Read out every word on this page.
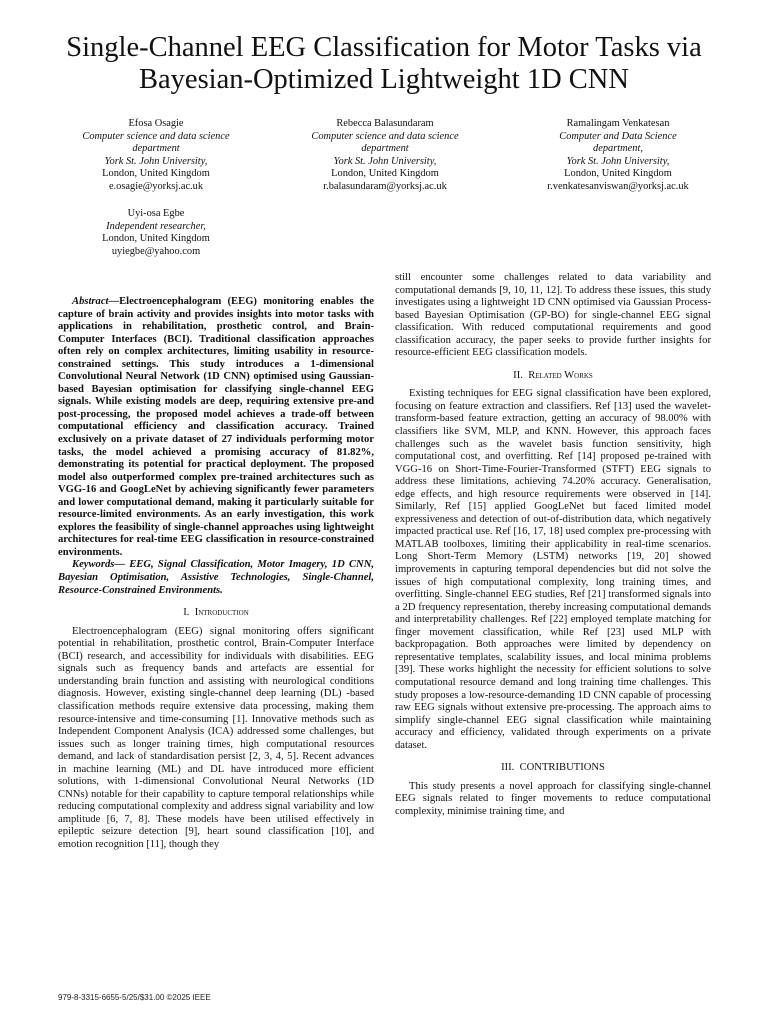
Single-Channel EEG Classification for Motor Tasks via Bayesian-Optimized Lightweight 1D CNN
Efosa Osagie
Computer science and data science
department
York St. John University,
London, United Kingdom
e.osagie@yorksj.ac.uk
Rebecca Balasundaram
Computer science and data science
department
York St. John University,
London, United Kingdom
r.balasundaram@yorksj.ac.uk
Ramalingam Venkatesan
Computer and Data Science
department,
York St. John University,
London, United Kingdom
r.venkatesanviswan@yorksj.ac.uk
Uyi-osa Egbe
Independent researcher,
London, United Kingdom
uyiegbe@yahoo.com

Abstract—Electroencephalogram (EEG) monitoring enables the capture of brain activity and provides insights into motor tasks with applications in rehabilitation, prosthetic control, and Brain-Computer Interfaces (BCI). Traditional classification approaches often rely on complex architectures, limiting usability in resource-constrained settings. This study introduces a 1-dimensional Convolutional Neural Network (1D CNN) optimised using Gaussian-based Bayesian optimisation for classifying single-channel EEG signals. While existing models are deep, requiring extensive pre-and post-processing, the proposed model achieves a trade-off between computational efficiency and classification accuracy. Trained exclusively on a private dataset of 27 individuals performing motor tasks, the model achieved a promising accuracy of 81.82%, demonstrating its potential for practical deployment. The proposed model also outperformed complex pre-trained architectures such as VGG-16 and GoogLeNet by achieving significantly fewer parameters and lower computational demand, making it particularly suitable for resource-limited environments. As an early investigation, this work explores the feasibility of single-channel approaches using lightweight architectures for real-time EEG classification in resource-constrained environments.

Keywords— EEG, Signal Classification, Motor Imagery, 1D CNN, Bayesian Optimisation, Assistive Technologies, Single-Channel, Resource-Constrained Environments.

I. Introduction

Electroencephalogram (EEG) signal monitoring offers significant potential in rehabilitation, prosthetic control, Brain-Computer Interface (BCI) research, and accessibility for individuals with disabilities. EEG signals such as frequency bands and artefacts are essential for understanding brain function and assisting with neurological conditions diagnosis. However, existing single-channel deep learning (DL) -based classification methods require extensive data processing, making them resource-intensive and time-consuming [1]. Innovative methods such as Independent Component Analysis (ICA) addressed some challenges, but issues such as longer training times, high computational resources demand, and lack of standardisation persist [2, 3, 4, 5]. Recent advances in machine learning (ML) and DL have introduced more efficient solutions, with 1-dimensional Convolutional Neural Networks (1D CNNs) notable for their capability to capture temporal relationships while reducing computational complexity and address signal variability and low amplitude [6, 7, 8]. These models have been utilised effectively in epileptic seizure detection [9], heart sound classification [10], and emotion recognition [11], though they

still encounter some challenges related to data variability and computational demands [9, 10, 11, 12]. To address these issues, this study investigates using a lightweight 1D CNN optimised via Gaussian Process-based Bayesian Optimisation (GP-BO) for single-channel EEG signal classification. With reduced computational requirements and good classification accuracy, the paper seeks to provide further insights for resource-efficient EEG classification models.

II. Related Works

Existing techniques for EEG signal classification have been explored, focusing on feature extraction and classifiers. Ref [13] used the wavelet-transform-based feature extraction, getting an accuracy of 98.00% with classifiers like SVM, MLP, and KNN. However, this approach faces challenges such as the wavelet basis function sensitivity, high computational cost, and overfitting. Ref [14] proposed pe-trained with VGG-16 on Short-Time-Fourier-Transformed (STFT) EEG signals to address these limitations, achieving 74.20% accuracy. Generalisation, edge effects, and high resource requirements were observed in [14]. Similarly, Ref [15] applied GoogLeNet but faced limited model expressiveness and detection of out-of-distribution data, which negatively impacted practical use. Ref [16, 17, 18] used complex pre-processing with MATLAB toolboxes, limiting their applicability in real-time scenarios. Long Short-Term Memory (LSTM) networks [19, 20] showed improvements in capturing temporal dependencies but did not solve the issues of high computational complexity, long training times, and overfitting. Single-channel EEG studies, Ref [21] transformed signals into a 2D frequency representation, thereby increasing computational demands and interpretability challenges. Ref [22] employed template matching for finger movement classification, while Ref [23] used MLP with backpropagation. Both approaches were limited by dependency on representative templates, scalability issues, and local minima problems [39]. These works highlight the necessity for efficient solutions to solve computational resource demand and long training time challenges. This study proposes a low-resource-demanding 1D CNN capable of processing raw EEG signals without extensive pre-processing. The approach aims to simplify single-channel EEG signal classification while maintaining accuracy and efficiency, validated through experiments on a private dataset.

III. CONTRIBUTIONS

This study presents a novel approach for classifying single-channel EEG signals related to finger movements to reduce computational complexity, minimise training time, and

979-8-3315-6655-5/25/$31.00 ©2025 IEEE
